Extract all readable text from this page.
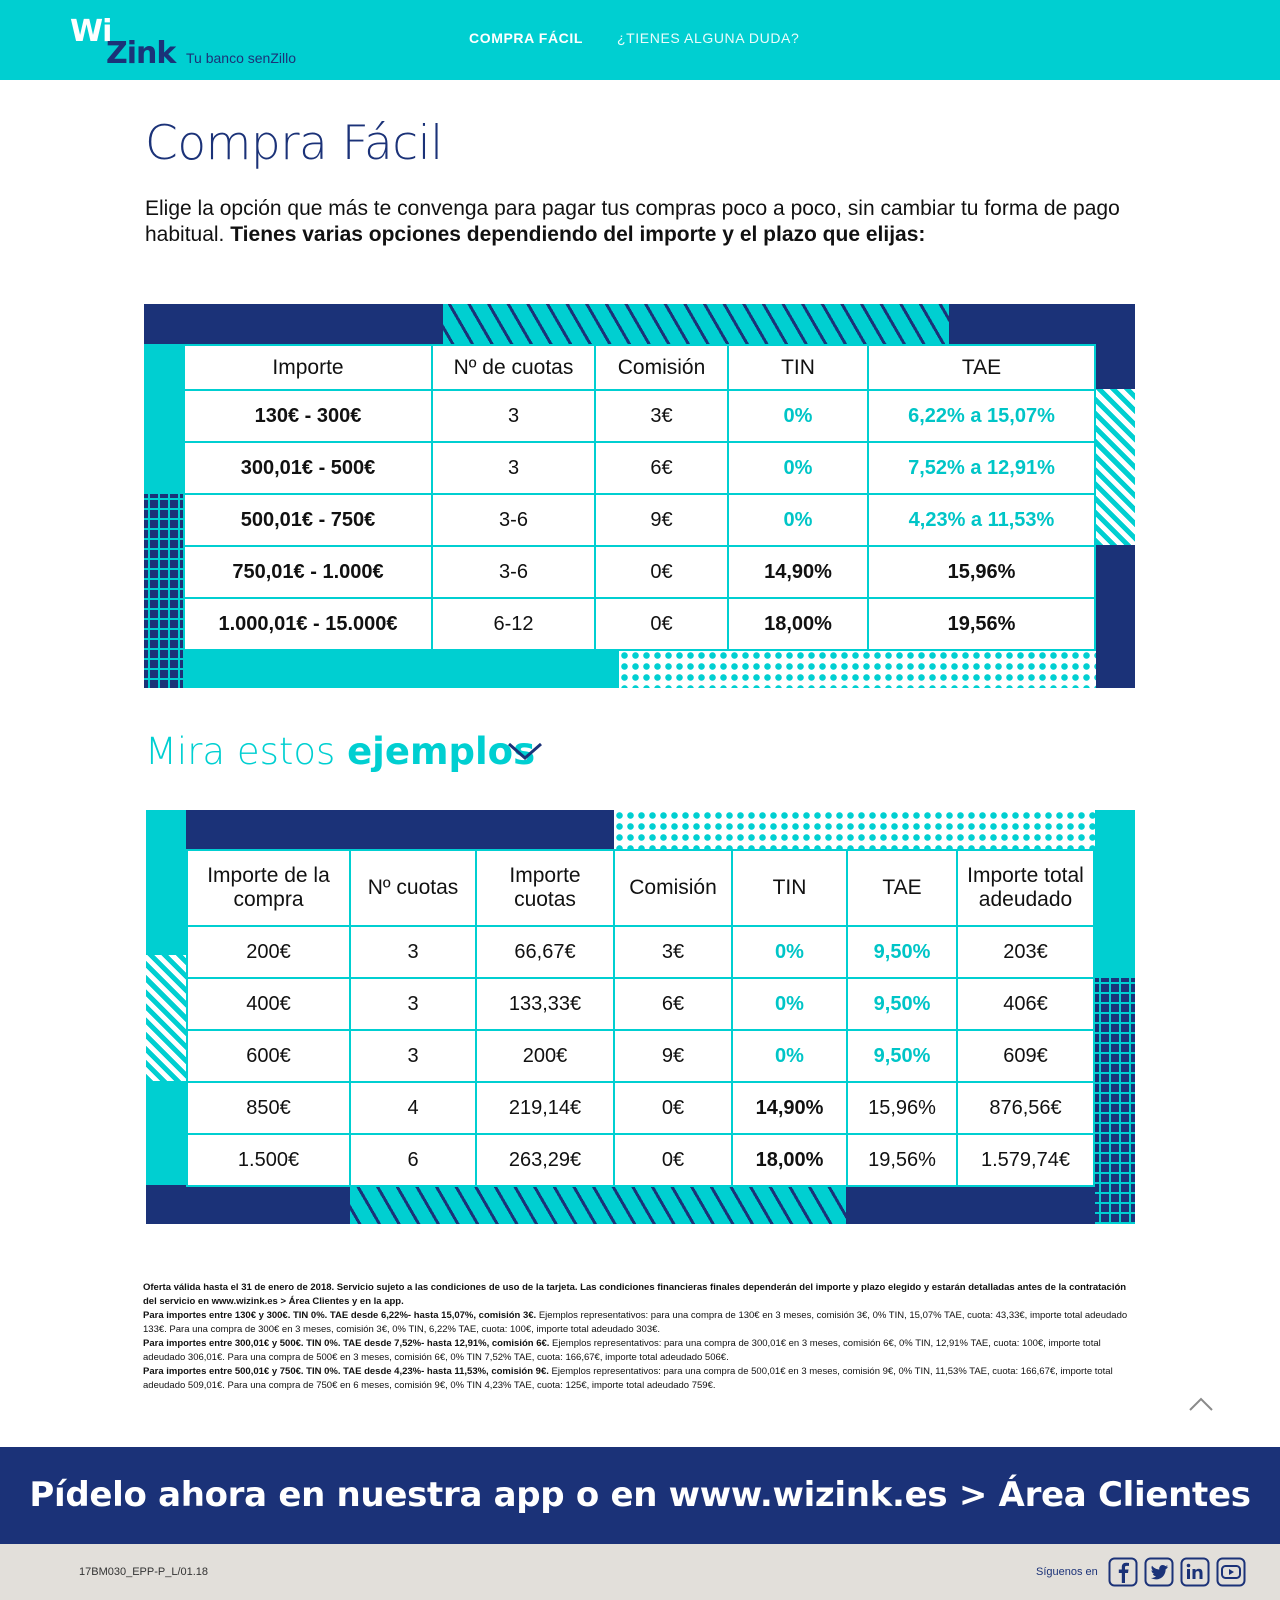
Wi
Zink Tu banco senZillo
COMPRA FÁCIL ¿TIENES ALGUNA DUDA?
Compra Fácil

Elige la opción que más te convenga para pagar tus compras poco a poco, sin cambiar tu forma de pago habitual. Tienes varias opciones dependiendo del importe y el plazo que elijas:

Importe	Nº de cuotas	Comisión	TIN	TAE
130€ - 300€	3	3€	0%	6,22% a 15,07%
300,01€ - 500€	3	6€	0%	7,52% a 12,91%
500,01€ - 750€	3-6	9€	0%	4,23% a 11,53%
750,01€ - 1.000€	3-6	0€	14,90%	15,96%
1.000,01€ - 15.000€	6-12	0€	18,00%	19,56%
Mira estos ejemplos
Importe de la compra	Nº cuotas	Importe cuotas	Comisión	TIN	TAE	Importe total adeudado
200€	3	66,67€	3€	0%	9,50%	203€
400€	3	133,33€	6€	0%	9,50%	406€
600€	3	200€	9€	0%	9,50%	609€
850€	4	219,14€	0€	14,90%	15,96%	876,56€
1.500€	6	263,29€	0€	18,00%	19,56%	1.579,74€

Oferta válida hasta el 31 de enero de 2018. Servicio sujeto a las condiciones de uso de la tarjeta. Las condiciones financieras finales dependerán del importe y plazo elegido y estarán detalladas antes de la contratación del servicio en www.wizink.es > Área Clientes y en la app.

Para importes entre 130€ y 300€. TIN 0%. TAE desde 6,22%- hasta 15,07%, comisión 3€. Ejemplos representativos: para una compra de 130€ en 3 meses, comisión 3€, 0% TIN, 15,07% TAE, cuota: 43,33€, importe total adeudado 133€. Para una compra de 300€ en 3 meses, comisión 3€, 0% TIN, 6,22% TAE, cuota: 100€, importe total adeudado 303€.

Para importes entre 300,01€ y 500€. TIN 0%. TAE desde 7,52%- hasta 12,91%, comisión 6€. Ejemplos representativos: para una compra de 300,01€ en 3 meses, comisión 6€, 0% TIN, 12,91% TAE, cuota: 100€, importe total adeudado 306,01€. Para una compra de 500€ en 3 meses, comisión 6€, 0% TIN 7,52% TAE, cuota: 166,67€, importe total adeudado 506€.

Para importes entre 500,01€ y 750€. TIN 0%. TAE desde 4,23%- hasta 11,53%, comisión 9€. Ejemplos representativos: para una compra de 500,01€ en 3 meses, comisión 9€, 0% TIN, 11,53% TAE, cuota: 166,67€, importe total adeudado 509,01€. Para una compra de 750€ en 6 meses, comisión 9€, 0% TIN 4,23% TAE, cuota: 125€, importe total adeudado 759€.

Pídelo ahora en nuestra app o en www.wizink.es > Área Clientes
17BM030_EPP-P_L/01.18	Síguenos en
